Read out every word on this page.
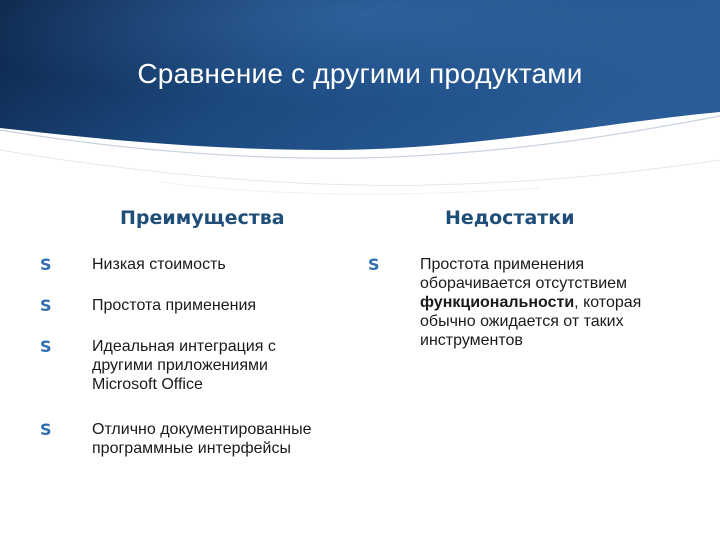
Сравнение с другими продуктами
Преимущества	Недостатки
S	Низкая стоимость
S	Простота применения
S	Идеальная интеграция с другими приложениями Microsoft Office
S	Отлично документированные программные интерфейсы
S	Простота применения оборачивается отсутствием функциональности, которая обычно ожидается от таких инструментов
